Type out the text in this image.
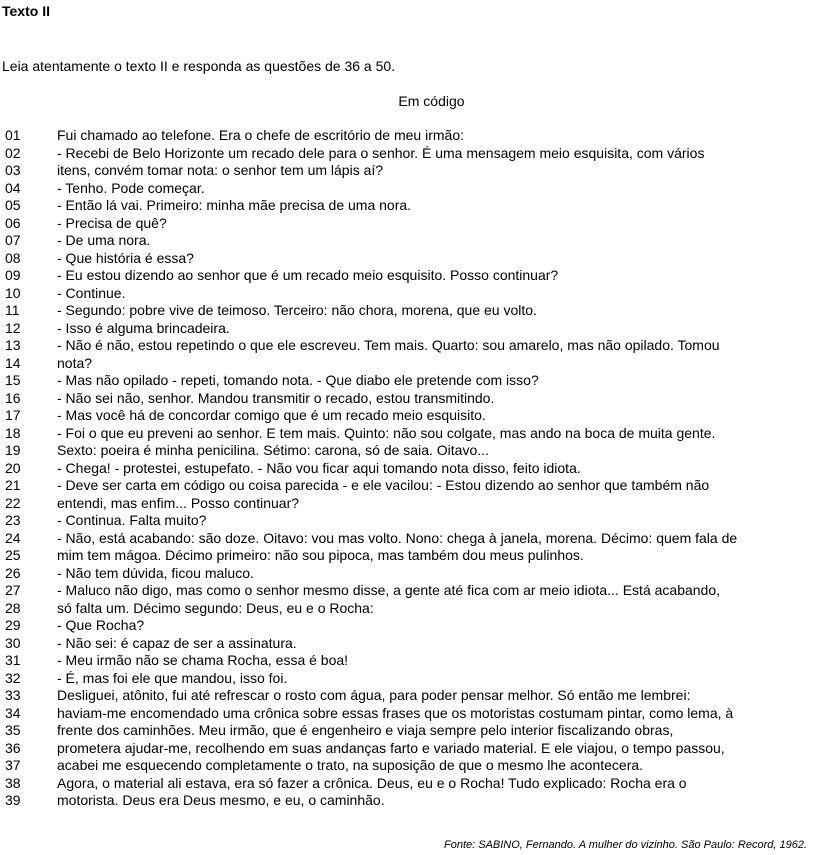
Texto II
Leia atentamente o texto II e responda as questões de 36 a 50.
Em código
01	Fui chamado ao telefone. Era o chefe de escritório de meu irmão:
02	- Recebi de Belo Horizonte um recado dele para o senhor. É uma mensagem meio esquisita, com vários
03	itens, convém tomar nota: o senhor tem um lápis aí?
04	- Tenho. Pode começar.
05	- Então lá vai. Primeiro: minha mãe precisa de uma nora.
06	- Precisa de quê?
07	- De uma nora.
08	- Que história é essa?
09	- Eu estou dizendo ao senhor que é um recado meio esquisito. Posso continuar?
10	- Continue.
11	- Segundo: pobre vive de teimoso. Terceiro: não chora, morena, que eu volto.
12	- Isso é alguma brincadeira.
13	- Não é não, estou repetindo o que ele escreveu. Tem mais. Quarto: sou amarelo, mas não opilado. Tomou
14	nota?
15	- Mas não opilado - repeti, tomando nota. - Que diabo ele pretende com isso?
16	- Não sei não, senhor. Mandou transmitir o recado, estou transmitindo.
17	- Mas você há de concordar comigo que é um recado meio esquisito.
18	- Foi o que eu preveni ao senhor. E tem mais. Quinto: não sou colgate, mas ando na boca de muita gente.
19	Sexto: poeira é minha penicilina. Sétimo: carona, só de saia. Oitavo...
20	- Chega! - protestei, estupefato. - Não vou ficar aqui tomando nota disso, feito idiota.
21	- Deve ser carta em código ou coisa parecida - e ele vacilou: - Estou dizendo ao senhor que também não
22	entendi, mas enfim... Posso continuar?
23	- Continua. Falta muito?
24	- Não, está acabando: são doze. Oitavo: vou mas volto. Nono: chega à janela, morena. Décimo: quem fala de
25	mim tem mágoa. Décimo primeiro: não sou pipoca, mas também dou meus pulinhos.
26	- Não tem dúvida, ficou maluco.
27	- Maluco não digo, mas como o senhor mesmo disse, a gente até fica com ar meio idiota... Está acabando,
28	só falta um. Décimo segundo: Deus, eu e o Rocha:
29	- Que Rocha?
30	- Não sei: é capaz de ser a assinatura.
31	- Meu irmão não se chama Rocha, essa é boa!
32	- É, mas foi ele que mandou, isso foi.
33	Desliguei, atônito, fui até refrescar o rosto com água, para poder pensar melhor. Só então me lembrei:
34	haviam-me encomendado uma crônica sobre essas frases que os motoristas costumam pintar, como lema, à
35	frente dos caminhões. Meu irmão, que é engenheiro e viaja sempre pelo interior fiscalizando obras,
36	prometera ajudar-me, recolhendo em suas andanças farto e variado material. E ele viajou, o tempo passou,
37	acabei me esquecendo completamente o trato, na suposição de que o mesmo lhe acontecera.
38	Agora, o material ali estava, era só fazer a crônica. Deus, eu e o Rocha! Tudo explicado: Rocha era o
39	motorista. Deus era Deus mesmo, e eu, o caminhão.
Fonte: SABINO, Fernando. A mulher do vizinho. São Paulo: Record, 1962.
